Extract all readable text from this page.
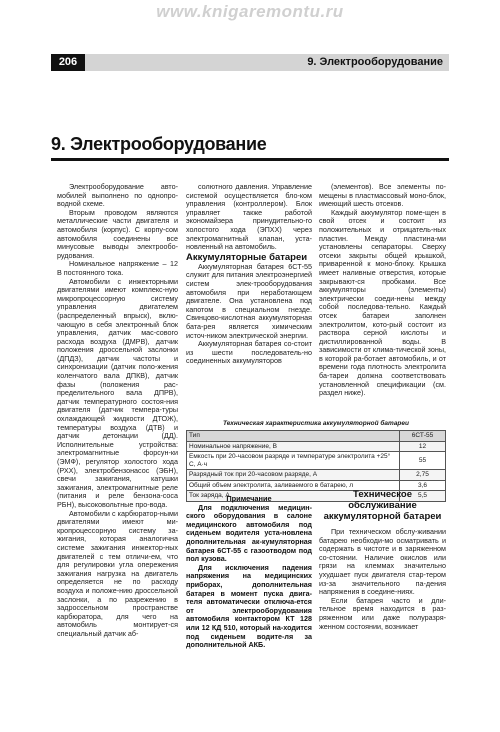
www.knigaremontu.ru
206	9. Электрооборудование
9. Электрооборудование

Электрооборудование авто-мобилей выполнено по однопро-водной схеме.

Вторым проводом являются металлические части двигателя и автомобиля (корпус). С корпу-сом автомобиля соединены все минусовые выводы электрообо-рудования.

Номинальное напряжение – 12 В постоянного тока.

Автомобили с инжекторными двигателями имеют комплекс-ную микропроцессорную систему управления двигателем (распределенный впрыск), вклю-чающую в себя электронный блок управления, датчик мас-сового расхода воздуха (ДМРВ), датчик положения дроссельной заслонки (ДПДЗ), датчик частоты и синхронизации (датчик поло-жения коленчатого вала ДПКВ), датчик фазы (положения рас-пределительного вала ДПРВ), датчик температурного состоя-ния двигателя (датчик темпера-туры охлаждающей жидкости ДТОЖ), температуры воздуха (ДТВ) и датчик детонации (ДД). Исполнительные устройства: электромагнитные форсун-ки (ЭМФ), регулятор холостого хода (РХХ), электробензонасос (ЭБН), свечи зажигания, катушки зажигания, электромагнитные реле (питания и реле бензона-coca РБН), высоковольтные про-вода.

Автомобили с карбюратор-ными двигателями имеют ми-кропроцессорную систему за-жигания, которая аналогична системе зажигания инжектор-ных двигателей с тем отличи-ем, что для регулировки угла опережения зажигания нагрузка на двигатель определяется не по расходу воздуха и положе-нию дроссельной заслонки, а по разрежению в задроссельном пространстве карбюратора, для чего на автомобиль монтирует-ся специальный датчик аб-

солютного давления. Управление системой осуществляется бло-ком управления (контроллером). Блок управляет также работой экономайзера принудительно-го холостого хода (ЭПХХ) через электромагнитный клапан, уста-новленный на автомобиль.

Аккумуляторные батареи

Аккумуляторная батарея 6СТ-55 служит для питания электроэнергией систем элек-трооборудования автомобиля при неработающем двигателе. Она установлена под капотом в специальном гнезде. Свинцово-кислотная аккумуляторная бата-рея является химическим источ-ником электрической энергии.

Аккумуляторная батарея со-стоит из шести последователь-но соединенных аккумуляторов

(элементов). Все элементы по-мещены в пластмассовый моно-блок, имеющий шесть отсеков.

Каждый аккумулятор поме-щен в свой отсек и состоит из положительных и отрицатель-ных пластин. Между пластина-ми установлены сепараторы. Сверху отсеки закрыты общей крышкой, приваренной к моно-блоку. Крышка имеет наливные отверстия, которые закрывают-ся пробками. Все аккумуляторы (элементы) электрически соеди-нены между собой последова-тельно. Каждый отсек батареи заполнен электролитом, кото-рый состоит из раствора серной кислоты и дистиллированной воды. В зависимости от климa-тической зоны, в которой ра-ботает автомобиль, и от времени года плотность электролита ба-тареи должна соответствовать установленной спецификации (см. раздел ниже).

Техническая характеристика аккумуляторной батареи
Тип	6СТ-55
Номинальное напряжение, В	12
Емкость при 20-часовом разряде и температуре электролита +25° С, А·ч	55
Разрядный ток при 20-часовом разряде, А	2,75
Общий объем электролита, заливаемого в батарею, л	3,6
Ток заряда, А	5,5
Примечание

Для подключения медицин-ского оборудования в салоне медицинского автомобиля под сиденьем водителя уста-новлена дополнительная ак-кумуляторная батарея 6СТ-55 с газоотводом под пол кузова.

Для исключения падения напряжения на медицинских приборах, дополнительная батарея в момент пуска двига-теля автоматически отключа-ется от электрооборудования автомобиля контактором КТ 128 или 12 КД 510, который на-ходится под сиденьем водите-ля за дополнительной АКБ.

Техническое обслуживание аккумуляторной батареи

При техническом обслу-живании батарею необходи-мо осматривать и содержать в чистоте и в заряженном со-стоянии. Наличие окислов или грязи на клеммах значительно ухудшает пуск двигателя стар-тером из-за значительного па-дения напряжения в соедине-ниях.

Если батарея часто и дли-тельное время находится в раз-ряженном или даже полуразря-женном состоянии, возникает
